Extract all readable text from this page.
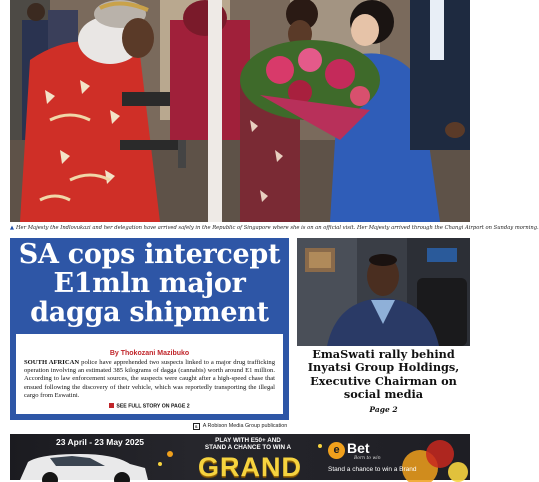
▲ Her Majesty the Indlovukazi and her delegation have arrived safely in the Republic of Singapore where she is on an official visit. Her Majesty arrived through the Changi Airport on Sunday morning.
SA cops intercept E1mln major dagga shipment
By Thokozani Mazibuko

SOUTH AFRICAN police have apprehended two suspects linked to a major drug trafficking operation involving an estimated 385 kilograms of dagga (cannabis) worth around E1 million. According to law enforcement sources, the suspects were caught after a high-speed chase that ensued following the discovery of their vehicle, which was reportedly transporting the illegal cargo from Eswatini.

SEE FULL STORY ON PAGE 2
EmaSwati rally behind Inyatsi Group Holdings, Executive Chairman on social media
Page 2
S A Robison Media Group publication
23 April - 23 May 2025	PLAY WITH E50+ AND
STAND A CHANCE TO WIN A
GRAND
e Bet
Born to win
Stand a chance to win a Brand
